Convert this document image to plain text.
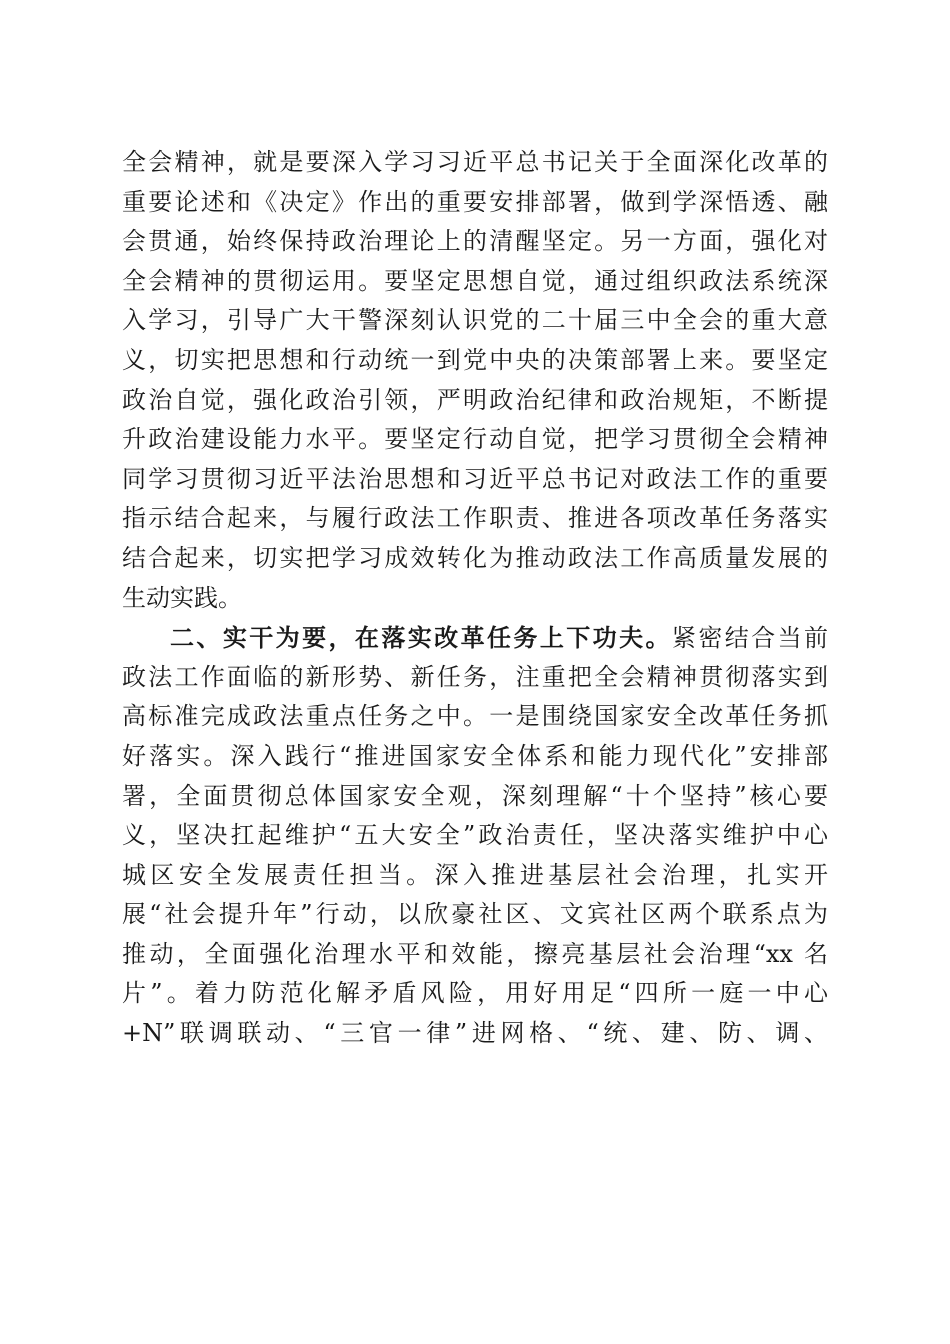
全会精神，就是要深入学习习近平总书记关于全面深化改革的
重要论述和《决定》作出的重要安排部署，做到学深悟透、融
会贯通，始终保持政治理论上的清醒坚定。另一方面，强化对
全会精神的贯彻运用。要坚定思想自觉，通过组织政法系统深
入学习，引导广大干警深刻认识党的二十届三中全会的重大意
义，切实把思想和行动统一到党中央的决策部署上来。要坚定
政治自觉，强化政治引领，严明政治纪律和政治规矩，不断提
升政治建设能力水平。要坚定行动自觉，把学习贯彻全会精神
同学习贯彻习近平法治思想和习近平总书记对政法工作的重要
指示结合起来，与履行政法工作职责、推进各项改革任务落实
结合起来，切实把学习成效转化为推动政法工作高质量发展的
生动实践。
二、实干为要，在落实改革任务上下功夫。紧密结合当前
政法工作面临的新形势、新任务，注重把全会精神贯彻落实到
高标准完成政法重点任务之中。一是围绕国家安全改革任务抓
好落实。深入践行“推进国家安全体系和能力现代化”安排部
署，全面贯彻总体国家安全观，深刻理解“十个坚持”核心要
义，坚决扛起维护“五大安全”政治责任，坚决落实维护中心
城区安全发展责任担当。深入推进基层社会治理，扎实开
展“社会提升年”行动，以欣豪社区、文宾社区两个联系点为
推动，全面强化治理水平和效能，擦亮基层社会治理“xx 名
片”。着力防范化解矛盾风险，用好用足“四所一庭一中心
+N”联调联动、“三官一律”进网格、“统、建、防、调、
